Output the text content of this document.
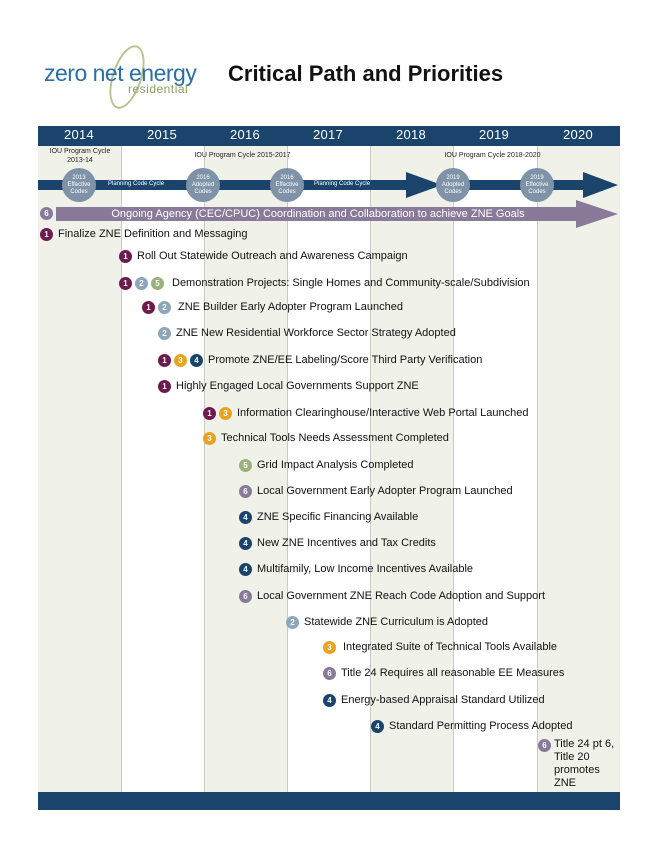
zero net energy
residential
Critical Path and Priorities
2014	2015	2016	2017	2018	2019	2020
IOU Program Cycle 2013-14
IOU Program Cycle 2015-2017	IOU Program Cycle 2018-2020
Planning Code Cycle	Planning Code Cycle
2013
Effective Codes
2016
Adopted Codes
2016
Effective Codes
2019
Adopted Codes
2019
Effective Codes
6	Ongoing Agency (CEC/CPUC) Coordination and Collaboration to achieve ZNE Goals
1 Finalize ZNE Definition and Messaging
1 Roll Out Statewide Outreach and Awareness Campaign
1	2	5	Demonstration Projects: Single Homes and Community-scale/Subdivision
1	2	ZNE Builder Early Adopter Program Launched
2 ZNE New Residential Workforce Sector Strategy Adopted
1	3	4 Promote ZNE/EE Labeling/Score Third Party Verification
1 Highly Engaged Local Governments Support ZNE
1	3 Information Clearinghouse/Interactive Web Portal Launched
3 Technical Tools Needs Assessment Completed
5 Grid Impact Analysis Completed
6 Local Government Early Adopter Program Launched
4 ZNE Specific Financing Available
4 New ZNE Incentives and Tax Credits
4 Multifamily, Low Income Incentives Available
6 Local Government ZNE Reach Code Adoption and Support
2 Statewide ZNE Curriculum is Adopted
3	Integrated Suite of Technical Tools Available
6 Title 24 Requires all reasonable EE Measures
4 Energy-based Appraisal Standard Utilized
4 Standard Permitting Process Adopted
6 Title 24 pt 6, Title 20 promotes ZNE
